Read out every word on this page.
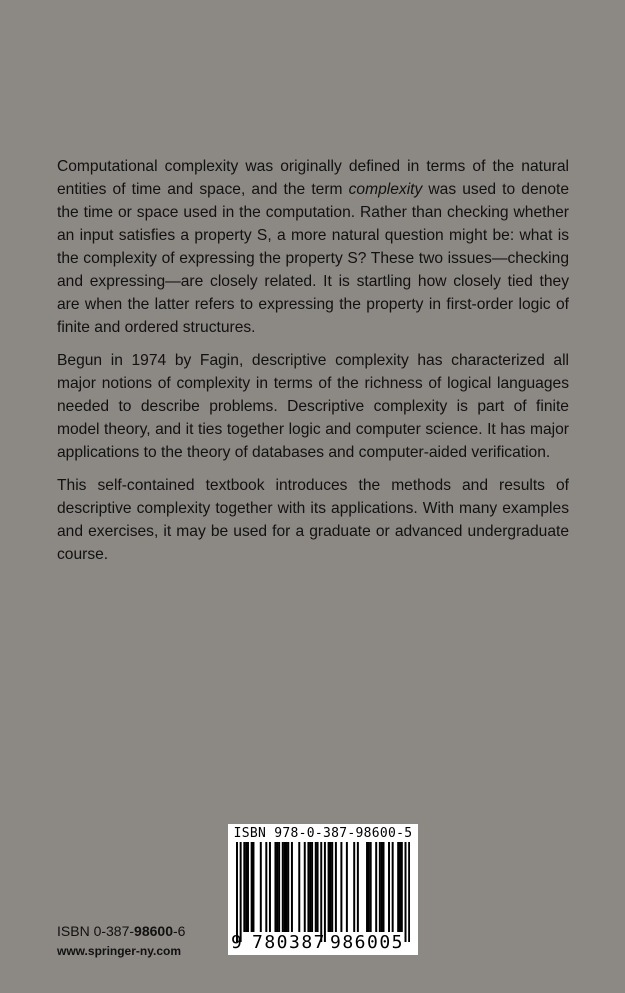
Computational complexity was originally defined in terms of the natural entities of time and space, and the term complexity was used to denote the time or space used in the computation. Rather than checking whether an input satisfies a property S, a more natural question might be: what is the complexity of expressing the property S? These two issues—checking and expressing—are closely related. It is startling how closely tied they are when the latter refers to expressing the property in first-order logic of finite and ordered structures.

Begun in 1974 by Fagin, descriptive complexity has characterized all major notions of complexity in terms of the richness of logical languages needed to describe problems. Descriptive complexity is part of finite model theory, and it ties together logic and computer science. It has major applications to the theory of databases and computer-aided verification.

This self-contained textbook introduces the methods and results of descriptive complexity together with its applications. With many examples and exercises, it may be used for a graduate or advanced undergraduate course.

ISBN 978-0-387-98600-5
9 780387 986005
ISBN 0-387-98600-6
www.springer-ny.com
